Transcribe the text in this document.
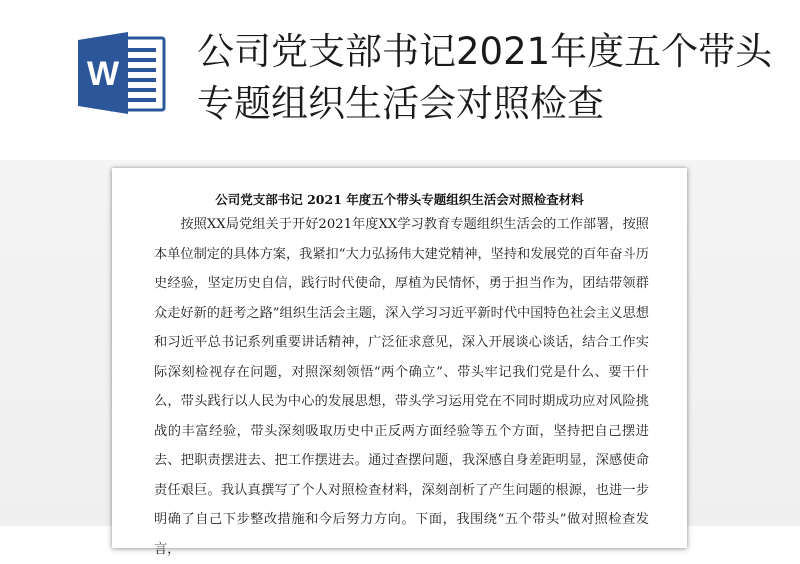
W
公司党支部书记2021年度五个带头专题组织生活会对照检查
公司党支部书记 2021 年度五个带头专题组织生活会对照检查材料

按照XX局党组关于开好2021年度XX学习教育专题组织生活会的工作部署，按照本单位制定的具体方案，我紧扣“大力弘扬伟大建党精神，坚持和发展党的百年奋斗历史经验，坚定历史自信，践行时代使命，厚植为民情怀，勇于担当作为，团结带领群众走好新的赶考之路”组织生活会主题，深入学习习近平新时代中国特色社会主义思想和习近平总书记系列重要讲话精神，广泛征求意见，深入开展谈心谈话，结合工作实际深刻检视存在问题，对照深刻领悟“两个确立”、带头牢记我们党是什么、要干什么，带头践行以人民为中心的发展思想，带头学习运用党在不同时期成功应对风险挑战的丰富经验，带头深刻吸取历史中正反两方面经验等五个方面，坚持把自己摆进去、把职责摆进去、把工作摆进去。通过查摆问题，我深感自身差距明显，深感使命责任艰巨。我认真撰写了个人对照检查材料，深刻剖析了产生问题的根源，也进一步明确了自己下步整改措施和今后努力方向。下面，我围绕“五个带头”做对照检查发言，
